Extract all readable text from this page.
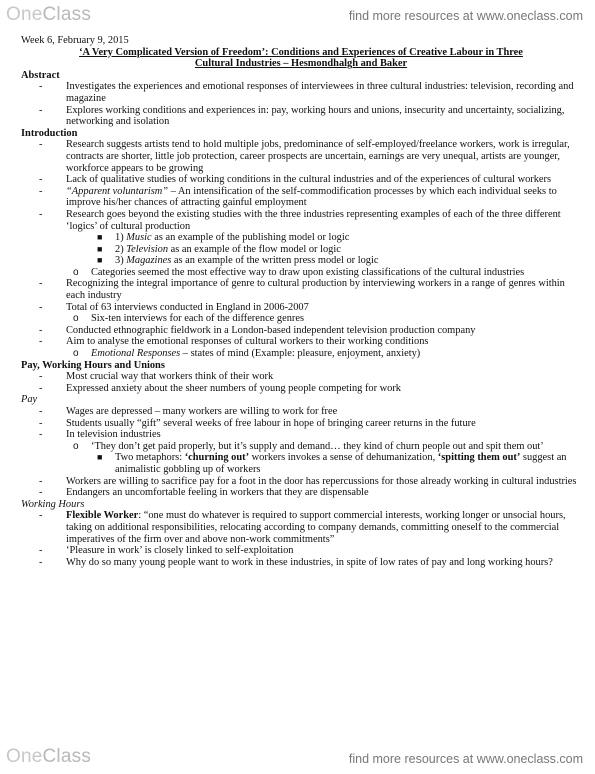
OneClass	find more resources at www.oneclass.com

Week 6, February 9, 2015

‘A Very Complicated Version of Freedom’: Conditions and Experiences of Creative Labour in Three

Cultural Industries – Hesmondhalgh and Baker

Abstract

- Investigates the experiences and emotional responses of interviewees in three cultural industries: television, recording and magazine
- Explores working conditions and experiences in: pay, working hours and unions, insecurity and uncertainty, socializing, networking and isolation

Introduction

- Research suggests artists tend to hold multiple jobs, predominance of self-employed/freelance workers, work is irregular, contracts are shorter, little job protection, career prospects are uncertain, earnings are very unequal, artists are younger, workforce appears to be growing
- Lack of qualitative studies of working conditions in the cultural industries and of the experiences of cultural workers
- “Apparent voluntarism” – An intensification of the self-commodification processes by which each individual seeks to improve his/her chances of attracting gainful employment
- Research goes beyond the existing studies with the three industries representing examples of each of the three different ‘logics’ of cultural production
■ 1) Music as an example of the publishing model or logic
■ 2) Television as an example of the flow model or logic
■ 3) Magazines as an example of the written press model or logic
o Categories seemed the most effective way to draw upon existing classifications of the cultural industries
- Recognizing the integral importance of genre to cultural production by interviewing workers in a range of genres within each industry
- Total of 63 interviews conducted in England in 2006-2007
o Six-ten interviews for each of the difference genres
- Conducted ethnographic fieldwork in a London-based independent television production company
- Aim to analyse the emotional responses of cultural workers to their working conditions
o Emotional Responses – states of mind (Example: pleasure, enjoyment, anxiety)

Pay, Working Hours and Unions

- Most crucial way that workers think of their work
- Expressed anxiety about the sheer numbers of young people competing for work

Pay

- Wages are depressed – many workers are willing to work for free
- Students usually “gift” several weeks of free labour in hope of bringing career returns in the future
- In television industries
o ‘They don’t get paid properly, but it’s supply and demand… they kind of churn people out and spit them out’
■ Two metaphors: ‘churning out’ workers invokes a sense of dehumanization, ‘spitting them out’ suggest an animalistic gobbling up of workers
- Workers are willing to sacrifice pay for a foot in the door has repercussions for those already working in cultural industries
- Endangers an uncomfortable feeling in workers that they are dispensable

Working Hours

- Flexible Worker: “one must do whatever is required to support commercial interests, working longer or unsocial hours, taking on additional responsibilities, relocating according to company demands, committing oneself to the commercial imperatives of the firm over and above non-work commitments”
- ‘Pleasure in work’ is closely linked to self-exploitation
- Why do so many young people want to work in these industries, in spite of low rates of pay and long working hours?
OneClass	find more resources at www.oneclass.com
